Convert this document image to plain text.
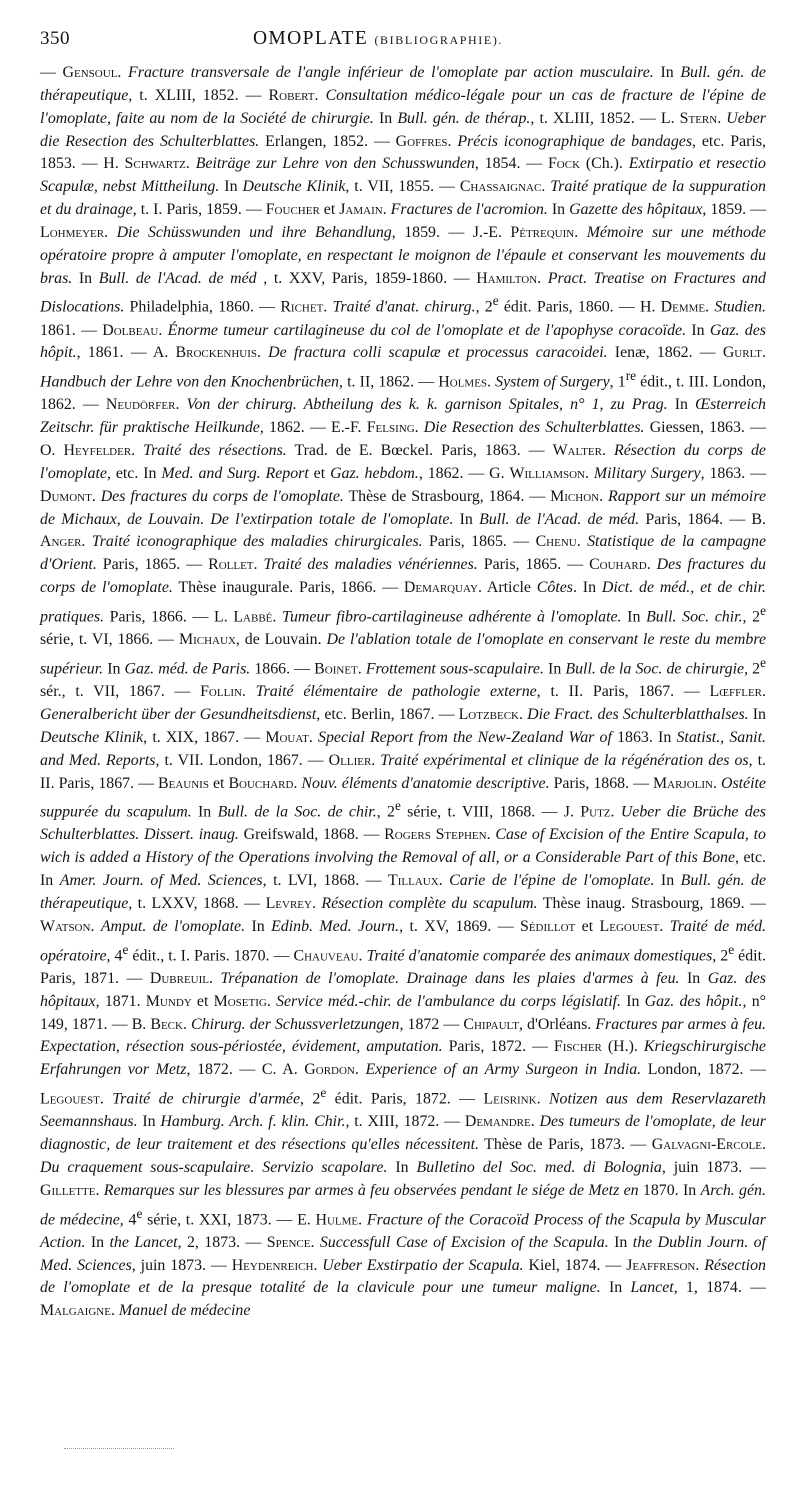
350	OMOPLATE (BIBLIOGRAPHIE).

— Gensoul. Fracture transversale de l'angle inférieur de l'omoplate par action musculaire. In Bull. gén. de thérapeutique, t. XLIII, 1852. — Robert. Consultation médico-légale pour un cas de fracture de l'épine de l'omoplate, faite au nom de la Société de chirurgie. In Bull. gén. de thérap., t. XLIII, 1852. — L. Stern. Ueber die Resection des Schulterblattes. Erlangen, 1852. — Goffres. Précis iconographique de bandages, etc. Paris, 1853. — H. Schwartz. Beiträge zur Lehre von den Schusswunden, 1854. — Fock (Ch.). Extirpatio et resectio Scapulæ, nebst Mittheilung. In Deutsche Klinik, t. VII, 1855. — Chassaignac. Traité pratique de la suppuration et du drainage, t. I. Paris, 1859. — Foucher et Jamain. Fractures de l'acromion. In Gazette des hôpitaux, 1859. — Lohmeyer. Die Schüsswunden und ihre Behandlung, 1859. — J.-E. Pétrequin. Mémoire sur une méthode opératoire propre à amputer l'omoplate, en respectant le moignon de l'épaule et conservant les mouvements du bras. In Bull. de l'Acad. de méd , t. XXV, Paris, 1859-1860. — Hamilton. Pract. Treatise on Fractures and Dislocations. Philadelphia, 1860. — Richet. Traité d'anat. chirurg., 2e édit. Paris, 1860. — H. Demme. Studien. 1861. — Dolbeau. Énorme tumeur cartilagineuse du col de l'omoplate et de l'apophyse coracoïde. In Gaz. des hôpit., 1861. — A. Brockenhuis. De fractura colli scapulæ et processus caracoidei. Ienæ, 1862. — Gurlt. Handbuch der Lehre von den Knochenbrüchen, t. II, 1862. — Holmes. System of Surgery, 1re édit., t. III. London, 1862. — Neudörfer. Von der chirurg. Abtheilung des k. k. garnison Spitales, n° 1, zu Prag. In Œsterreich Zeitschr. für praktische Heilkunde, 1862. — E.-F. Felsing. Die Resection des Schulterblattes. Giessen, 1863. — O. Heyfelder. Traité des résections. Trad. de E. Bœckel. Paris, 1863. — Walter. Résection du corps de l'omoplate, etc. In Med. and Surg. Report et Gaz. hebdom., 1862. — G. Williamson. Military Surgery, 1863. — Dumont. Des fractures du corps de l'omoplate. Thèse de Strasbourg, 1864. — Michon. Rapport sur un mémoire de Michaux, de Louvain. De l'extirpation totale de l'omoplate. In Bull. de l'Acad. de méd. Paris, 1864. — B. Anger. Traité iconographique des maladies chirurgicales. Paris, 1865. — Chenu. Statistique de la campagne d'Orient. Paris, 1865. — Rollet. Traité des maladies vénériennes. Paris, 1865. — Couhard. Des fractures du corps de l'omoplate. Thèse inaugurale. Paris, 1866. — Demarquay. Article Côtes. In Dict. de méd., et de chir. pratiques. Paris, 1866. — L. Labbé. Tumeur fibro-cartilagineuse adhérente à l'omoplate. In Bull. Soc. chir., 2e série, t. VI, 1866. — Michaux, de Louvain. De l'ablation totale de l'omoplate en conservant le reste du membre supérieur. In Gaz. méd. de Paris. 1866. — Boinet. Frottement sous-scapulaire. In Bull. de la Soc. de chirurgie, 2e sér., t. VII, 1867. — Follin. Traité élémentaire de pathologie externe, t. II. Paris, 1867. — Lœffler. Generalbericht über der Gesundheitsdienst, etc. Berlin, 1867. — Lotzbeck. Die Fract. des Schulterblatthalses. In Deutsche Klinik, t. XIX, 1867. — Mouat. Special Report from the New-Zealand War of 1863. In Statist., Sanit. and Med. Reports, t. VII. London, 1867. — Ollier. Traité expérimental et clinique de la régénération des os, t. II. Paris, 1867. — Beaunis et Bouchard. Nouv. éléments d'anatomie descriptive. Paris, 1868. — Marjolin. Ostéite suppurée du scapulum. In Bull. de la Soc. de chir., 2e série, t. VIII, 1868. — J. Putz. Ueber die Brüche des Schulterblattes. Dissert. inaug. Greifswald, 1868. — Rogers Stephen. Case of Excision of the Entire Scapula, to wich is added a History of the Operations involving the Removal of all, or a Considerable Part of this Bone, etc. In Amer. Journ. of Med. Sciences, t. LVI, 1868. — Tillaux. Carie de l'épine de l'omoplate. In Bull. gén. de thérapeutique, t. LXXV, 1868. — Levrey. Résection complète du scapulum. Thèse inaug. Strasbourg, 1869. — Watson. Amput. de l'omoplate. In Edinb. Med. Journ., t. XV, 1869. — Sédillot et Legouest. Traité de méd. opératoire, 4e édit., t. I. Paris. 1870. — Chauveau. Traité d'anatomie comparée des animaux domestiques, 2e édit. Paris, 1871. — Dubreuil. Trépanation de l'omoplate. Drainage dans les plaies d'armes à feu. In Gaz. des hôpitaux, 1871. Mundy et Mosetig. Service méd.-chir. de l'ambulance du corps législatif. In Gaz. des hôpit., n° 149, 1871. — B. Beck. Chirurg. der Schussverletzungen, 1872 — Chipault, d'Orléans. Fractures par armes à feu. Expectation, résection sous-périostée, évidement, amputation. Paris, 1872. — Fischer (H.). Kriegschirurgische Erfahrungen vor Metz, 1872. — C. A. Gordon. Experience of an Army Surgeon in India. London, 1872. — Legouest. Traité de chirurgie d'armée, 2e édit. Paris, 1872. — Leisrink. Notizen aus dem Reservlazareth Seemannshaus. In Hamburg. Arch. f. klin. Chir., t. XIII, 1872. — Demandre. Des tumeurs de l'omoplate, de leur diagnostic, de leur traitement et des résections qu'elles nécessitent. Thèse de Paris, 1873. — Galvagni-Ercole. Du craquement sous-scapulaire. Servizio scapolare. In Bulletino del Soc. med. di Bolognia, juin 1873. — Gillette. Remarques sur les blessures par armes à feu observées pendant le siége de Metz en 1870. In Arch. gén. de médecine, 4e série, t. XXI, 1873. — E. Hulme. Fracture of the Coracoïd Process of the Scapula by Muscular Action. In the Lancet, 2, 1873. — Spence. Successfull Case of Excision of the Scapula. In the Dublin Journ. of Med. Sciences, juin 1873. — Heydenreich. Ueber Exstirpatio der Scapula. Kiel, 1874. — Jeaffreson. Résection de l'omoplate et de la presque totalité de la clavicule pour une tumeur maligne. In Lancet, 1, 1874. — Malgaigne. Manuel de médecine
